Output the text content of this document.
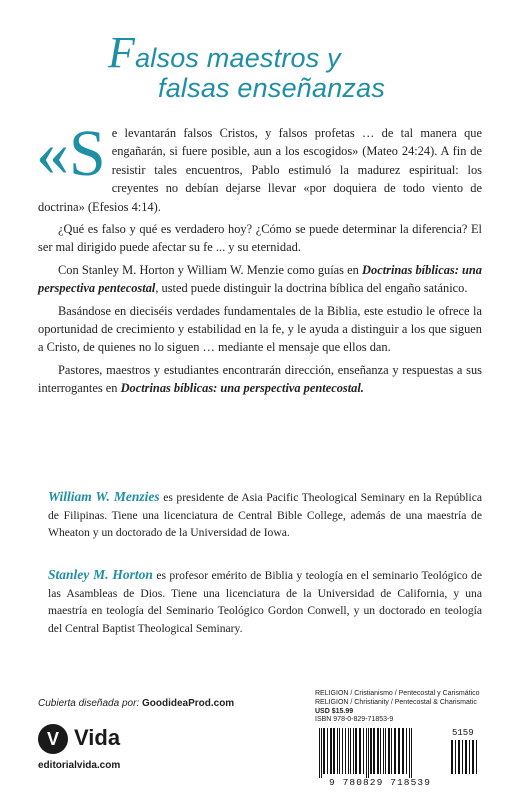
Falsos maestros y
falsas enseñanzas

«S e levantarán falsos Cristos, y falsos profetas … de tal manera que engañarán, si fuere posible, aun a los escogidos» (Mateo 24:24). A fin de resistir tales encuentros, Pablo estimuló la madurez espiritual: los creyentes no debían dejarse llevar «por doquiera de todo viento de doctrina» (Efesios 4:14).

¿Qué es falso y qué es verdadero hoy? ¿Cómo se puede determinar la diferencia? El ser mal dirigido puede afectar su fe ... y su eternidad.

Con Stanley M. Horton y William W. Menzie como guías en Doctrinas bíblicas: una perspectiva pentecostal, usted puede distinguir la doctrina bíblica del engaño satánico.

Basándose en dieciséis verdades fundamentales de la Biblia, este estudio le ofrece la oportunidad de crecimiento y estabilidad en la fe, y le ayuda a distinguir a los que siguen a Cristo, de quienes no lo siguen … mediante el mensaje que ellos dan.

Pastores, maestros y estudiantes encontrarán dirección, enseñanza y respuestas a sus interrogantes en Doctrinas bíblicas: una perspectiva pentecostal.

William W. Menzies es presidente de Asia Pacific Theological Seminary en la República de Filipinas. Tiene una licenciatura de Central Bible College, además de una maestría de Wheaton y un doctorado de la Universidad de Iowa.
Stanley M. Horton es profesor emérito de Biblia y teología en el seminario Teológico de las Asambleas de Dios. Tiene una licenciatura de la Universidad de California, y una maestría en teología del Seminario Teológico Gordon Conwell, y un doctorado en teología del Central Baptist Theological Seminary.
Cubierta diseñada por: GoodideaProd.com
V Vida
editorialvida.com
RELIGION / Cristianismo / Pentecostal y Carismático
RELIGION / Christianity / Pentecostal & Charismatic
USD $15.99
ISBN 978-0-829-71853-9
5159
9 780829 718539
